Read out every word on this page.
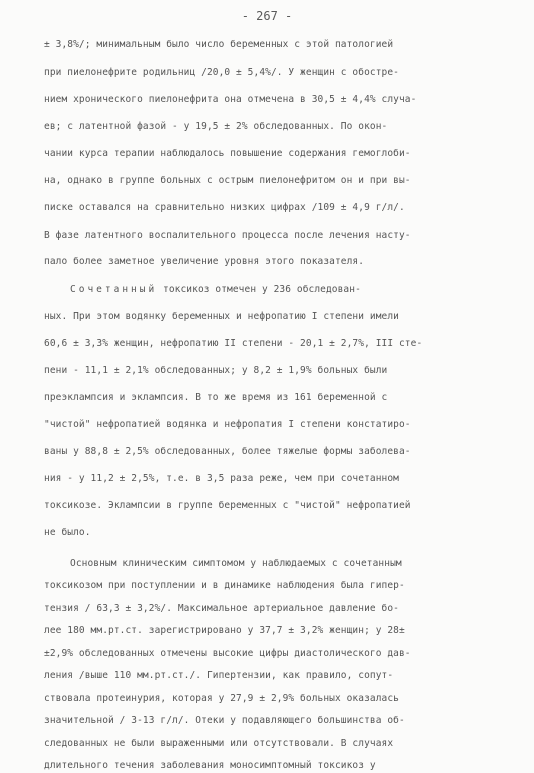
- 267 -
± 3,8%/; минимальным было число беременных с этой патологией
при пиелонефрите родильниц /20,0 ± 5,4%/. У женщин с обостре-
нием хронического пиелонефрита она отмечена в 30,5 ± 4,4% случа-
ев; с латентной фазой - у 19,5 ± 2% обследованных. По окон-
чании курса терапии наблюдалось повышение содержания гемоглоби-
на, однако в группе больных с острым пиелонефритом он и при вы-
писке оставался на сравнительно низких цифрах /109 ± 4,9 г/л/.
В фазе латентного воспалительного процесса после лечения насту-
пало более заметное увеличение уровня этого показателя.
Сочетанный токсикоз отмечен у 236 обследован-
ных. При этом водянку беременных и нефропатию I степени имели
60,6 ± 3,3% женщин, нефропатию II степени - 20,1 ± 2,7%, III сте-
пени - 11,1 ± 2,1% обследованных; у 8,2 ± 1,9% больных были
преэклампсия и эклампсия. В то же время из 161 беременной с
"чистой" нефропатией водянка и нефропатия I степени констатиро-
ваны у 88,8 ± 2,5% обследованных, более тяжелые формы заболева-
ния - у 11,2 ± 2,5%, т.е. в 3,5 раза реже, чем при сочетанном
токсикозе. Эклампсии в группе беременных с "чистой" нефропатией
не было.
Основным клиническим симптомом у наблюдаемых с сочетанным
токсикозом при поступлении и в динамике наблюдения была гипер-
тензия / 63,3 ± 3,2%/. Максимальное артериальное давление бо-
лее 180 мм.рт.ст. зарегистрировано у 37,7 ± 3,2% женщин; у 28±
±2,9% обследованных отмечены высокие цифры диастолического дав-
ления /выше 110 мм.рт.ст./. Гипертензии, как правило, сопут-
ствовала протеинурия, которая у 27,9 ± 2,9% больных оказалась
значительной / 3-13 г/л/. Отеки у подавляющего большинства об-
следованных не были выраженными или отсутствовали. В случаях
длительного течения заболевания моносимптомный токсикоз у
